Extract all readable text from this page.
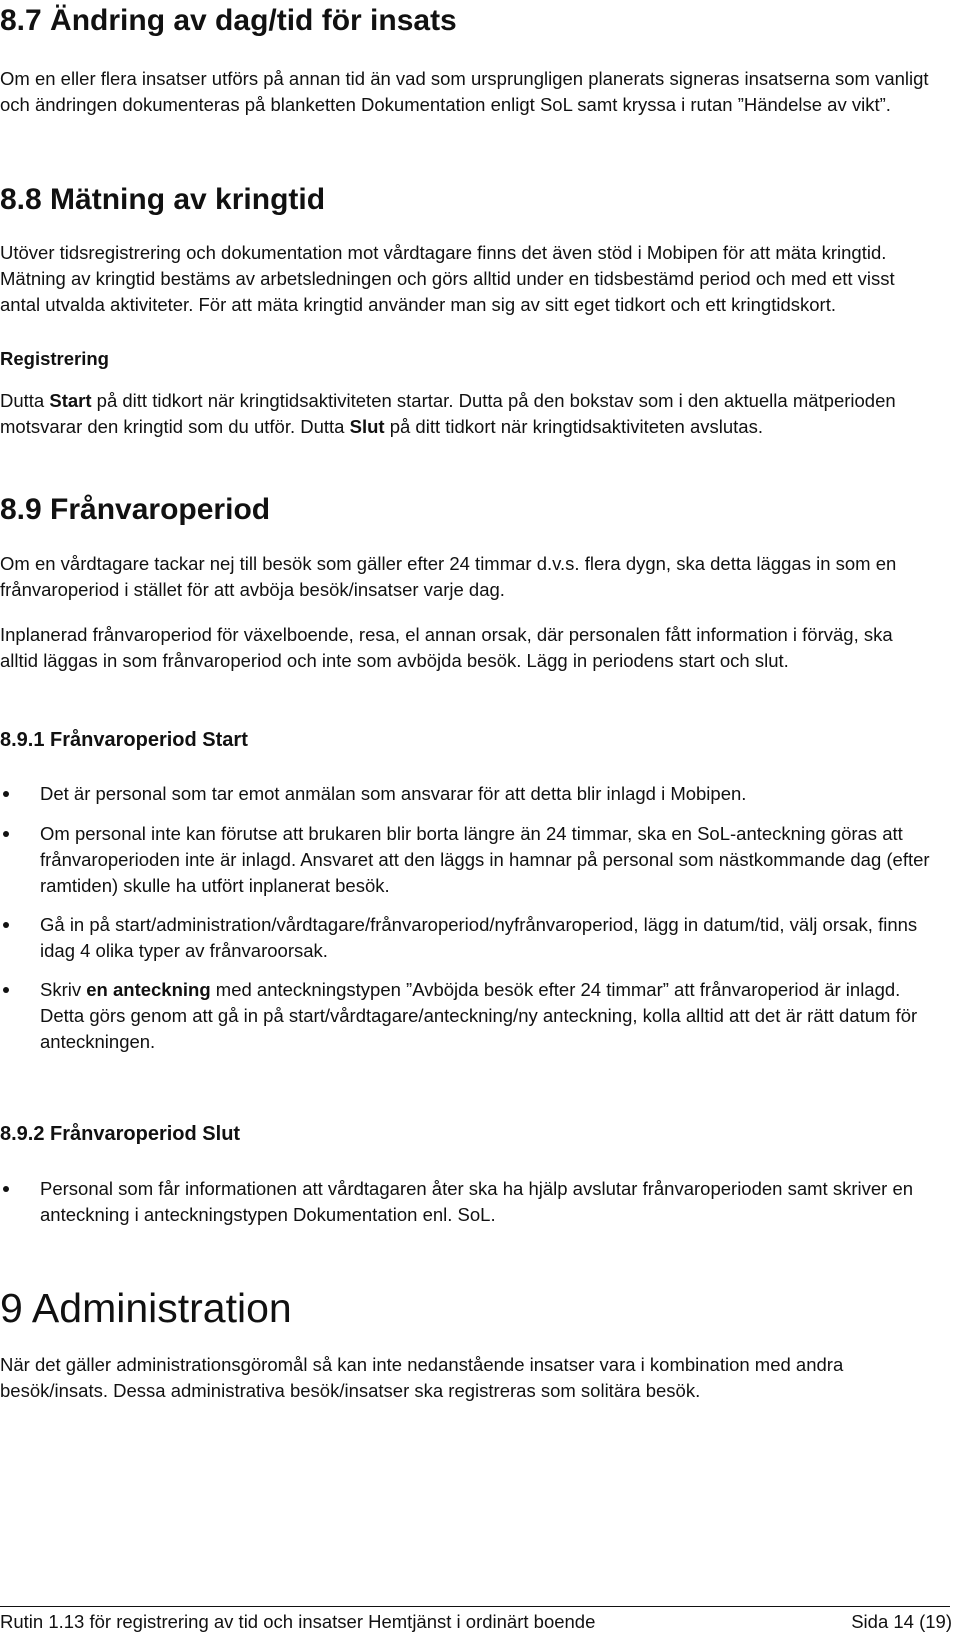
8.7 Ändring av dag/tid för insats

Om en eller flera insatser utförs på annan tid än vad som ursprungligen planerats signeras insatserna som vanligt och ändringen dokumenteras på blanketten Dokumentation enligt SoL samt kryssa i rutan ”Händelse av vikt”.

8.8 Mätning av kringtid

Utöver tidsregistrering och dokumentation mot vårdtagare finns det även stöd i Mobipen för att mäta kringtid. Mätning av kringtid bestäms av arbetsledningen och görs alltid under en tidsbestämd period och med ett visst antal utvalda aktiviteter. För att mäta kringtid använder man sig av sitt eget tidkort och ett kringtidskort.

Registrering

Dutta Start på ditt tidkort när kringtidsaktiviteten startar. Dutta på den bokstav som i den aktuella mätperioden motsvarar den kringtid som du utför. Dutta Slut på ditt tidkort när kringtidsaktiviteten avslutas.

8.9 Frånvaroperiod

Om en vårdtagare tackar nej till besök som gäller efter 24 timmar d.v.s. flera dygn, ska detta läggas in som en frånvaroperiod i stället för att avböja besök/insatser varje dag.

Inplanerad frånvaroperiod för växelboende, resa, el annan orsak, där personalen fått information i förväg, ska alltid läggas in som frånvaroperiod och inte som avböjda besök. Lägg in periodens start och slut.

8.9.1 Frånvaroperiod Start
Det är personal som tar emot anmälan som ansvarar för att detta blir inlagd i Mobipen.
Om personal inte kan förutse att brukaren blir borta längre än 24 timmar, ska en SoL-anteckning göras att frånvaroperioden inte är inlagd. Ansvaret att den läggs in hamnar på personal som nästkommande dag (efter ramtiden) skulle ha utfört inplanerat besök.
Gå in på start/administration/vårdtagare/frånvaroperiod/nyfrånvaroperiod, lägg in datum/tid, välj orsak, finns idag 4 olika typer av frånvaroorsak.
Skriv en anteckning med anteckningstypen ”Avböjda besök efter 24 timmar” att frånvaroperiod är inlagd.
Detta görs genom att gå in på start/vårdtagare/anteckning/ny anteckning, kolla alltid att det är rätt datum för anteckningen.
8.9.2 Frånvaroperiod Slut
Personal som får informationen att vårdtagaren åter ska ha hjälp avslutar frånvaroperioden samt skriver en anteckning i anteckningstypen Dokumentation enl. SoL.
9 Administration

När det gäller administrationsgöromål så kan inte nedanstående insatser vara i kombination med andra besök/insats. Dessa administrativa besök/insatser ska registreras som solitära besök.

Rutin 1.13 för registrering av tid och insatser Hemtjänst i ordinärt boende	Sida 14 (19)
